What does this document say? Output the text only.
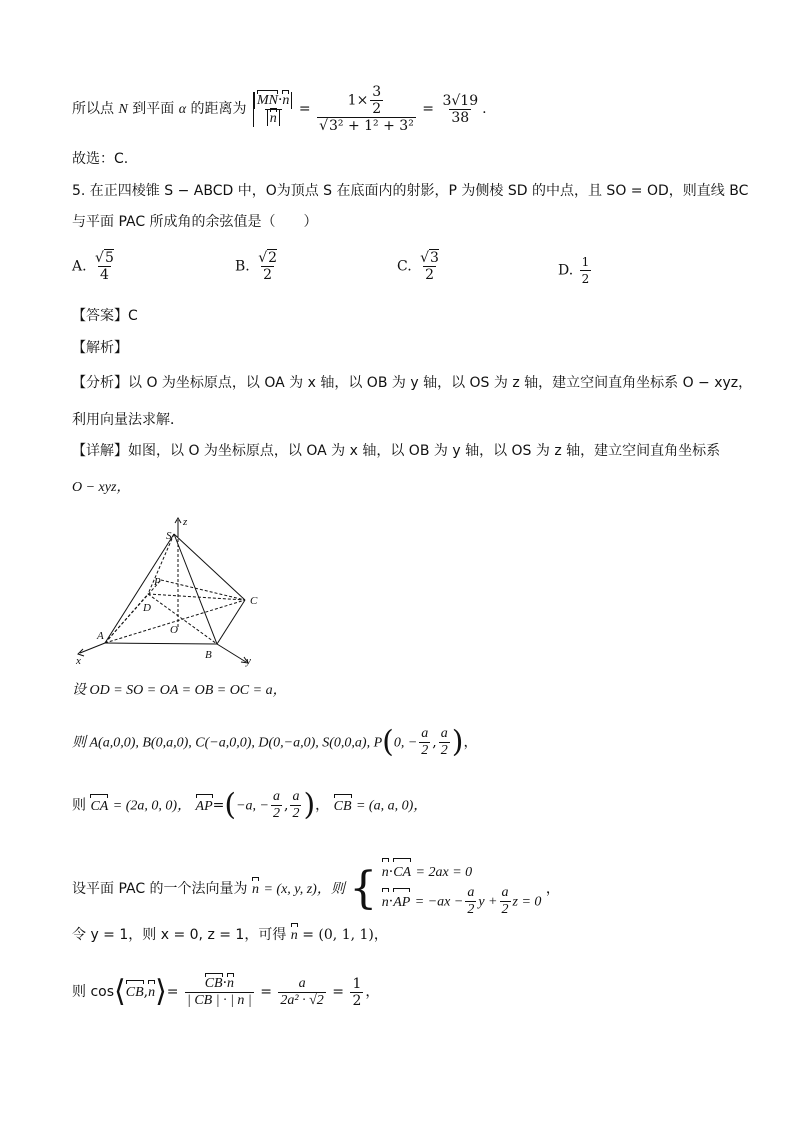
所以点 N 到平面 α 的距离为 $\frac{MN\cdot n}{n} = \frac{1\times \frac{3}{2}}{\text{√3² + 1² + 3²}} = \frac{3√19}{38}$ .
故选：C.
5. 在正四棱锥 S − ABCD 中，O为顶点 S 在底面内的射影，P 为侧棱 SD 的中点，且 SO = OD，则直线 BC
与平面 PAC 所成角的余弦值是（　　）
A. $\frac{√5}{4}$	B. $\frac{√2}{2}$	C. $\frac{√3}{2}$	D. $\frac{1}{2}$
【答案】C
【解析】
【分析】以 O 为坐标原点，以 OA 为 x 轴，以 OB 为 y 轴，以 OS 为 z 轴，建立空间直角坐标系 O − xyz，
利用向量法求解．
【详解】如图，以 O 为坐标原点，以 OA 为 x 轴，以 OB 为 y 轴，以 OS 为 z 轴，建立空间直角坐标系
O − xyz，
z
S
P
D
C
O
A
B
x	y
设 OD = SO = OA = OB = OC = a，
则 A(a,0,0), B(0,a,0), C(−a,0,0), D(0,−a,0), S(0,0,a), P(0, − $\frac{a}{2}$ , $\frac{a}{2}$ )，
则 CA = (2a, 0, 0)， AP=(−a, − $\frac{a}{2}$ , $\frac{a}{2}$ )， CB = (a, a, 0)，
设平面 PAC 的一个法向量为 n = (x, y, z)，则 { n·CA = 2ax = 0
$n\cdot AP = -ax - \frac{a}{2}$ $y + \frac{a}{2}$ z = 0
，
令 y = 1，则 x = 0, z = 1，可得 n = (0, 1, 1)，
则 cos⟨CB,n⟩= $\frac{CB\cdot n}{| CB | \cdot | n |} = \frac{a}{\text{2a² · √2}} = \frac{1}{2}$ ，
